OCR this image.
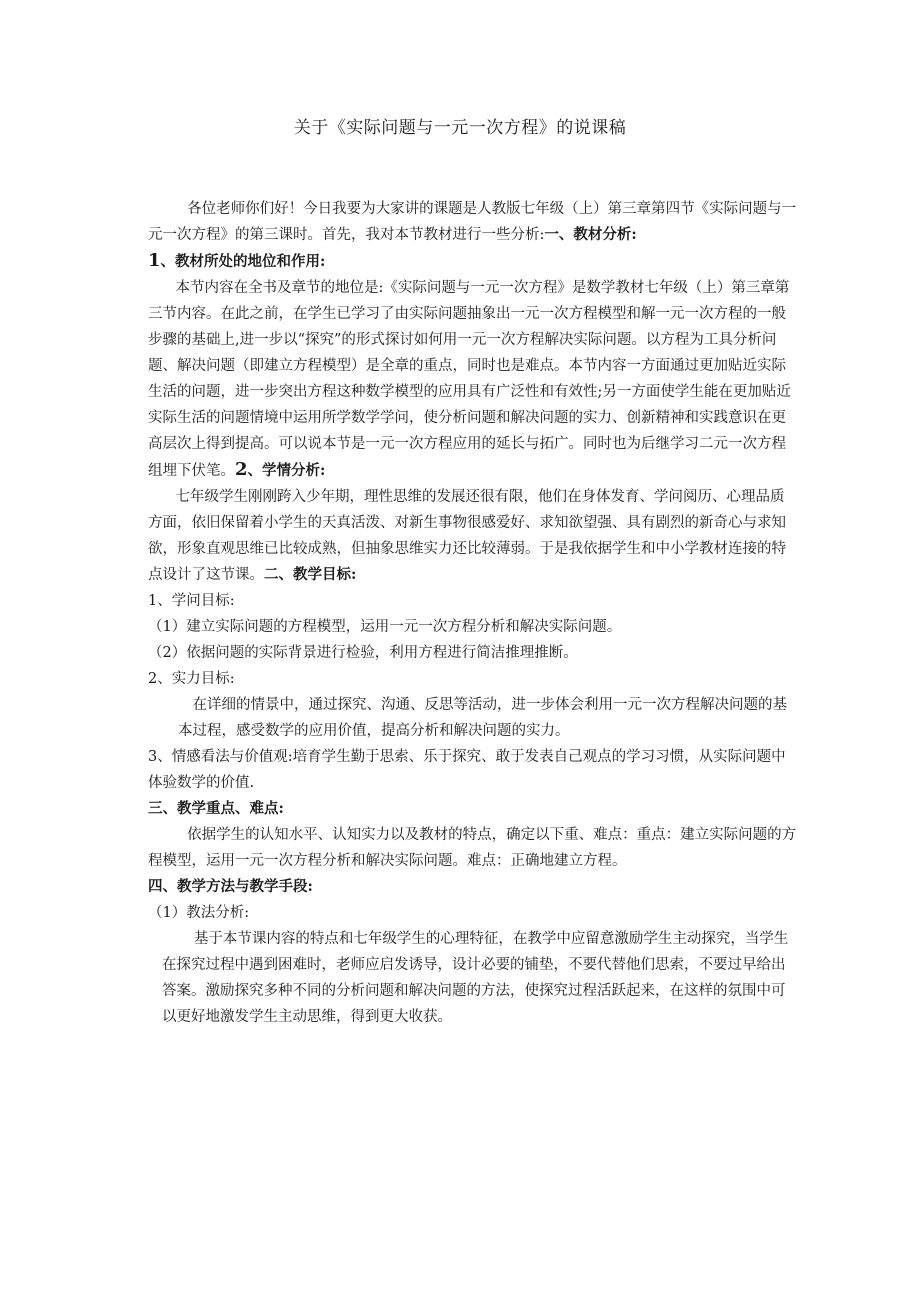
关于《实际问题与一元一次方程》的说课稿

各位老师你们好！今日我要为大家讲的课题是人教版七年级（上）第三章第四节《实际问题与一元一次方程》的第三课时。首先，我对本节教材进行一些分析:一、教材分析:

1、教材所处的地位和作用:

本节内容在全书及章节的地位是:《实际问题与一元一次方程》是数学教材七年级（上）第三章第三节内容。在此之前，在学生已学习了由实际问题抽象出一元一次方程模型和解一元一次方程的一般步骤的基础上,进一步以“探究”的形式探讨如何用一元一次方程解决实际问题。以方程为工具分析问题、解决问题（即建立方程模型）是全章的重点，同时也是难点。本节内容一方面通过更加贴近实际生活的问题，进一步突出方程这种数学模型的应用具有广泛性和有效性;另一方面使学生能在更加贴近实际生活的问题情境中运用所学数学学问，使分析问题和解决问题的实力、创新精神和实践意识在更高层次上得到提高。可以说本节是一元一次方程应用的延长与拓广。同时也为后继学习二元一次方程组埋下伏笔。2、学情分析:

七年级学生刚刚跨入少年期，理性思维的发展还很有限，他们在身体发育、学问阅历、心理品质方面，依旧保留着小学生的天真活泼、对新生事物很感爱好、求知欲望强、具有剧烈的新奇心与求知欲，形象直观思维已比较成熟，但抽象思维实力还比较薄弱。于是我依据学生和中小学教材连接的特点设计了这节课。二、教学目标:

1、学问目标:

（1）建立实际问题的方程模型，运用一元一次方程分析和解决实际问题。

（2）依据问题的实际背景进行检验，利用方程进行简洁推理推断。

2、实力目标:

在详细的情景中，通过探究、沟通、反思等活动，进一步体会利用一元一次方程解决问题的基本过程，感受数学的应用价值，提高分析和解决问题的实力。

3、情感看法与价值观:培育学生勤于思索、乐于探究、敢于发表自己观点的学习习惯，从实际问题中体验数学的价值.

三、教学重点、难点:

依据学生的认知水平、认知实力以及教材的特点，确定以下重、难点：重点：建立实际问题的方程模型，运用一元一次方程分析和解决实际问题。难点：正确地建立方程。

四、教学方法与教学手段:

（1）教法分析:

基于本节课内容的特点和七年级学生的心理特征，在教学中应留意激励学生主动探究，当学生在探究过程中遇到困难时，老师应启发诱导，设计必要的铺垫，不要代替他们思索，不要过早给出答案。激励探究多种不同的分析问题和解决问题的方法，使探究过程活跃起来，在这样的氛围中可以更好地激发学生主动思维，得到更大收获。
